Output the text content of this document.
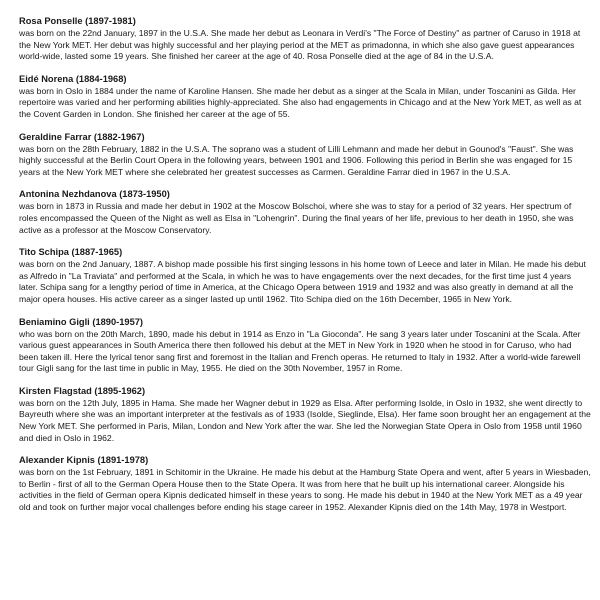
Rosa Ponselle (1897-1981)

was born on the 22nd January, 1897 in the U.S.A. She made her debut as Leonara in Verdi's "The Force of Destiny" as partner of Caruso in 1918 at the New York MET. Her debut was highly successful and her playing period at the MET as primadonna, in which she also gave guest appearances world-wide, lasted some 19 years. She finished her career at the age of 40. Rosa Ponselle died at the age of 84 in the U.S.A.

Eidé Norena (1884-1968)

was born in Oslo in 1884 under the name of Karoline Hansen. She made her debut as a singer at the Scala in Milan, under Toscanini as Gilda. Her repertoire was varied and her performing abilities highly-appreciated. She also had engagements in Chicago and at the New York MET, as well as at the Covent Garden in London. She finished her career at the age of 55.

Geraldine Farrar (1882-1967)

was born on the 28th February, 1882 in the U.S.A. The soprano was a student of Lilli Lehmann and made her debut in Gounod's "Faust". She was highly successful at the Berlin Court Opera in the following years, between 1901 and 1906. Following this period in Berlin she was engaged for 15 years at the New York MET where she celebrated her greatest successes as Carmen. Geraldine Farrar died in 1967 in the U.S.A.

Antonina Nezhdanova (1873-1950)

was born in 1873 in Russia and made her debut in 1902 at the Moscow Bolschoi, where she was to stay for a period of 32 years. Her spectrum of roles encompassed the Queen of the Night as well as Elsa in "Lohengrin". During the final years of her life, previous to her death in 1950, she was active as a professor at the Moscow Conservatory.

Tito Schipa (1887-1965)

was born on the 2nd January, 1887. A bishop made possible his first singing lessons in his home town of Leece and later in Milan. He made his debut as Alfredo in "La Traviata" and performed at the Scala, in which he was to have engagements over the next decades, for the first time just 4 years later. Schipa sang for a lengthy period of time in America, at the Chicago Opera between 1919 and 1932 and was also greatly in demand at all the major opera houses. His active career as a singer lasted up until 1962. Tito Schipa died on the 16th December, 1965 in New York.

Beniamino Gigli (1890-1957)

who was born on the 20th March, 1890, made his debut in 1914 as Enzo in "La Gioconda". He sang 3 years later under Toscanini at the Scala. After various guest appearances in South America there then followed his debut at the MET in New York in 1920 when he stood in for Caruso, who had been taken ill. Here the lyrical tenor sang first and foremost in the Italian and French operas. He returned to Italy in 1932. After a world-wide farewell tour Gigli sang for the last time in public in May, 1955. He died on the 30th November, 1957 in Rome.

Kirsten Flagstad (1895-1962)

was born on the 12th July, 1895 in Hama. She made her Wagner debut in 1929 as Elsa. After performing Isolde, in Oslo in 1932, she went directly to Bayreuth where she was an important interpreter at the festivals as of 1933 (Isolde, Sieglinde, Elsa). Her fame soon brought her an engagement at the New York MET. She performed in Paris, Milan, London and New York after the war. She led the Norwegian State Opera in Oslo from 1958 until 1960 and died in Oslo in 1962.

Alexander Kipnis (1891-1978)

was born on the 1st February, 1891 in Schitomir in the Ukraine. He made his debut at the Hamburg State Opera and went, after 5 years in Wiesbaden, to Berlin - first of all to the German Opera House then to the State Opera. It was from here that he built up his international career. Alongside his activities in the field of German opera Kipnis dedicated himself in these years to song. He made his debut in 1940 at the New York MET as a 49 year old and took on further major vocal challenges before ending his stage career in 1952. Alexander Kipnis died on the 14th May, 1978 in Westport.
